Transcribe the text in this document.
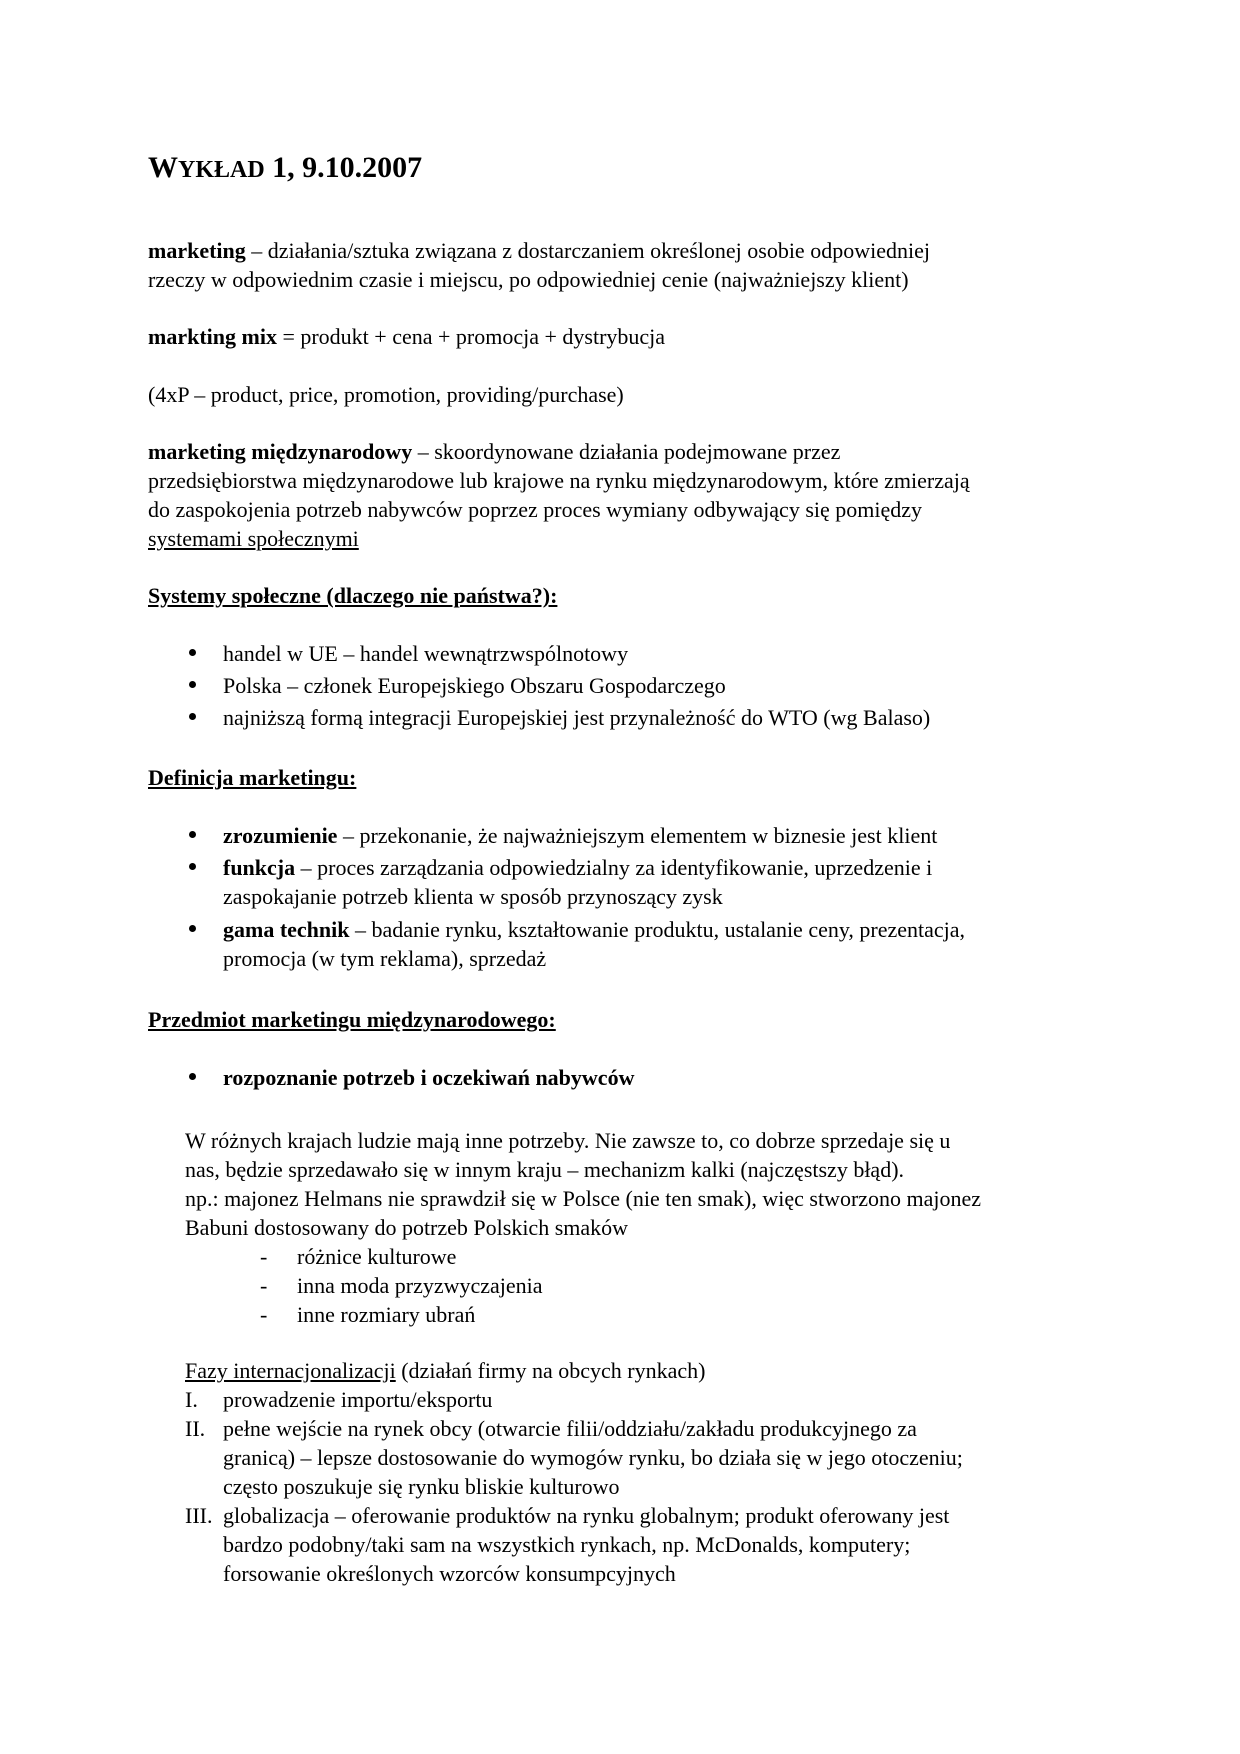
WYKŁAD 1, 9.10.2007
marketing – działania/sztuka związana z dostarczaniem określonej osobie odpowiedniej
rzeczy w odpowiednim czasie i miejscu, po odpowiedniej cenie (najważniejszy klient)
markting mix = produkt + cena + promocja + dystrybucja
(4xP – product, price, promotion, providing/purchase)
marketing międzynarodowy – skoordynowane działania podejmowane przez
przedsiębiorstwa międzynarodowe lub krajowe na rynku międzynarodowym, które zmierzają
do zaspokojenia potrzeb nabywców poprzez proces wymiany odbywający się pomiędzy
systemami społecznymi
Systemy społeczne (dlaczego nie państwa?):
handel w UE – handel wewnątrzwspólnotowy
Polska – członek Europejskiego Obszaru Gospodarczego
najniższą formą integracji Europejskiej jest przynależność do WTO (wg Balaso)
Definicja marketingu:
zrozumienie – przekonanie, że najważniejszym elementem w biznesie jest klient
funkcja – proces zarządzania odpowiedzialny za identyfikowanie, uprzedzenie i
zaspokajanie potrzeb klienta w sposób przynoszący zysk
gama technik – badanie rynku, kształtowanie produktu, ustalanie ceny, prezentacja,
promocja (w tym reklama), sprzedaż
Przedmiot marketingu międzynarodowego:
rozpoznanie potrzeb i oczekiwań nabywców
W różnych krajach ludzie mają inne potrzeby. Nie zawsze to, co dobrze sprzedaje się u
nas, będzie sprzedawało się w innym kraju – mechanizm kalki (najczęstszy błąd).
np.: majonez Helmans nie sprawdził się w Polsce (nie ten smak), więc stworzono majonez
Babuni dostosowany do potrzeb Polskich smaków
- różnice kulturowe
- inna moda przyzwyczajenia
- inne rozmiary ubrań
Fazy internacjonalizacji (działań firmy na obcych rynkach)
I. prowadzenie importu/eksportu
II. pełne wejście na rynek obcy (otwarcie filii/oddziału/zakładu produkcyjnego za
granicą) – lepsze dostosowanie do wymogów rynku, bo działa się w jego otoczeniu;
często poszukuje się rynku bliskie kulturowo
III. globalizacja – oferowanie produktów na rynku globalnym; produkt oferowany jest
bardzo podobny/taki sam na wszystkich rynkach, np. McDonalds, komputery;
forsowanie określonych wzorców konsumpcyjnych
